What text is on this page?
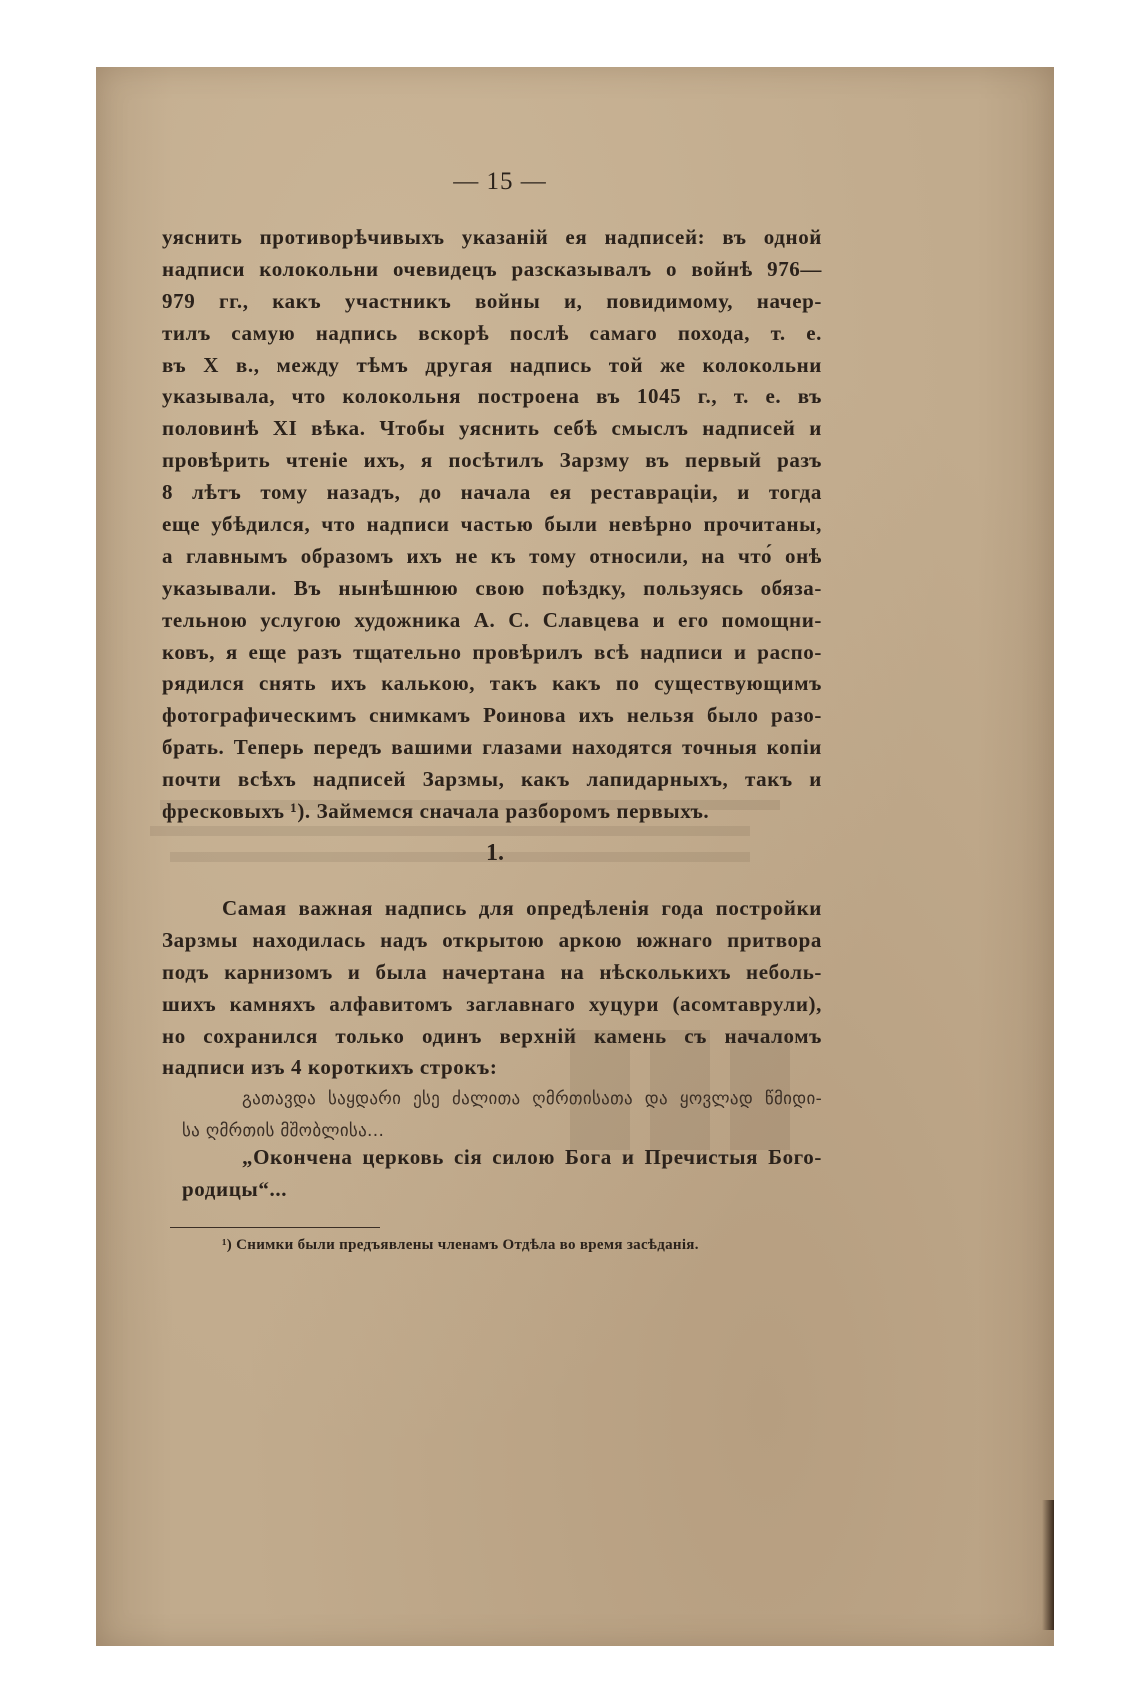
— 15 —
уяснить противорѣчивыхъ указаній ея надписей: въ одной
надписи колокольни очевидецъ разсказывалъ о войнѣ 976—
979 гг., какъ участникъ войны и, повидимому, начер-
тилъ самую надпись вскорѣ послѣ самаго похода, т. е.
въ X в., между тѣмъ другая надпись той же колокольни
указывала, что колокольня построена въ 1045 г., т. е. въ
половинѣ XI вѣка. Чтобы уяснить себѣ смыслъ надписей и
провѣрить чтеніе ихъ, я посѣтилъ Зарзму въ первый разъ
8 лѣтъ тому назадъ, до начала ея реставраціи, и тогда
еще убѣдился, что надписи частью были невѣрно прочитаны,
а главнымъ образомъ ихъ не къ тому относили, на что́ онѣ
указывали. Въ нынѣшнюю свою поѣздку, пользуясь обяза-
тельною услугою художника А. С. Славцева и его помощни-
ковъ, я еще разъ тщательно провѣрилъ всѣ надписи и распо-
рядился снять ихъ калькою, такъ какъ по существующимъ
фотографическимъ снимкамъ Роинова ихъ нельзя было разо-
брать. Теперь передъ вашими глазами находятся точныя копіи
почти всѣхъ надписей Зарзмы, какъ лапидарныхъ, такъ и
фресковыхъ ¹). Займемся сначала разборомъ первыхъ.
1.
Самая важная надпись для опредѣленія года постройки
Зарзмы находилась надъ открытою аркою южнаго притвора
подъ карнизомъ и была начертана на нѣсколькихъ неболь-
шихъ камняхъ алфавитомъ заглавнаго хуцури (асомтаврули),
но сохранился только одинъ верхній камень съ началомъ
надписи изъ 4 короткихъ строкъ:
გათავდა საყდარი ესე ძალითა ღმრთისათა და ყოვლად წმიდი-
სა ღმრთის მშობლისა...
„Окончена церковь сія силою Бога и Пречистыя Бого-
родицы“...
¹) Снимки были предъявлены членамъ Отдѣла во время засѣданія.
